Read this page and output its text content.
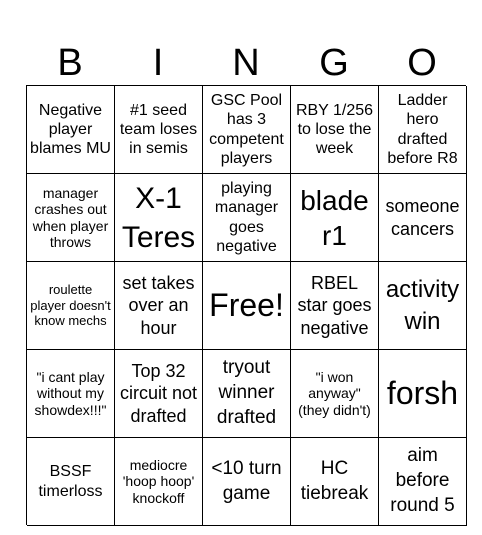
B	I	N	G	O
Negative player blames MU
#1 seed team loses in semis
GSC Pool has 3 competent players
RBY 1/256 to lose the week
Ladder hero drafted before R8
manager crashes out when player throws
X-1 Teres
playing manager goes negative
blade r1
someone cancers
roulette player doesn't know mechs
set takes over an hour
Free!
RBEL star goes negative
activity win
"i cant play without my showdex!!!"
Top 32 circuit not drafted
tryout winner drafted
"i won anyway" (they didn't) forsh
BSSF timerloss
mediocre 'hoop hoop' knockoff
<10 turn game
HC tiebreak
aim before round 5
